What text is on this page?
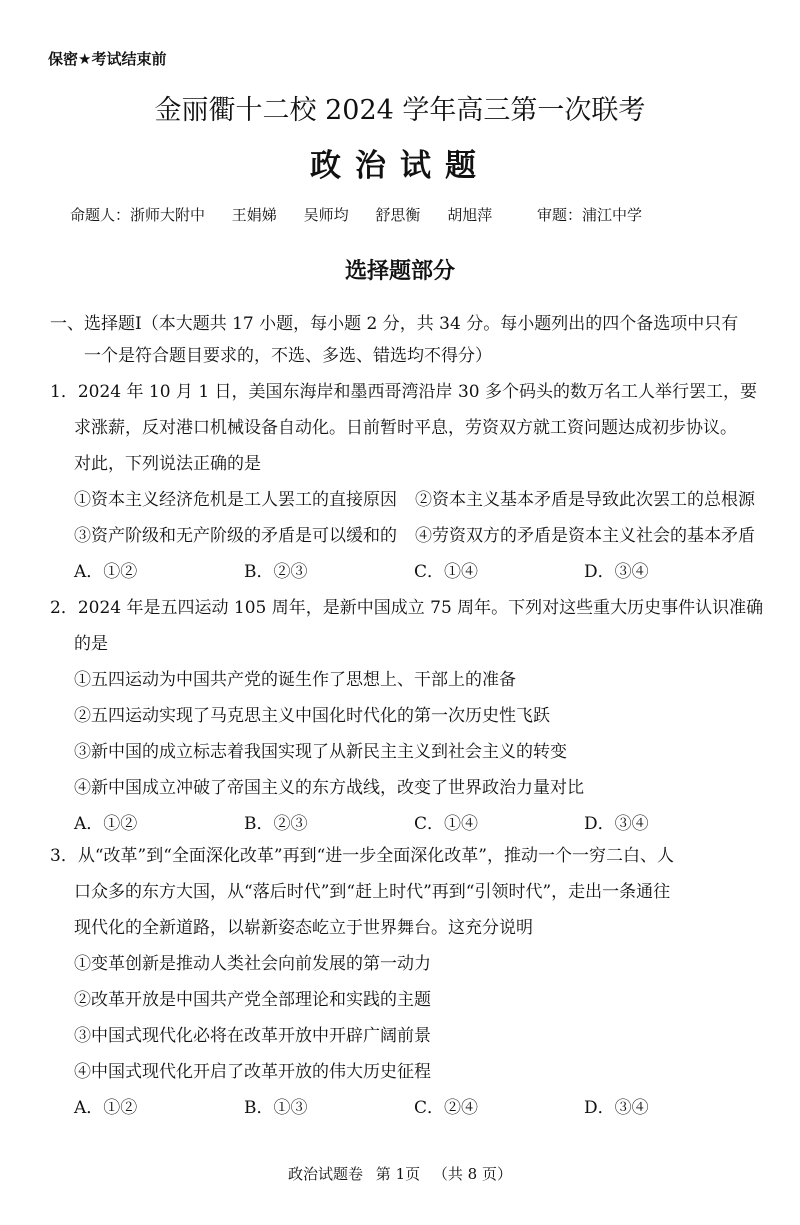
保密★考试结束前
金丽衢十二校 2024 学年高三第一次联考
政治试题
命题人：浙师大附中 王娟娣 吴师均 舒思衡 胡旭萍	审题：浦江中学
选择题部分
一、选择题Ⅰ（本大题共 17 小题，每小题 2 分，共 34 分。每小题列出的四个备选项中只有
一个是符合题目要求的，不选、多选、错选均不得分）
1．2024 年 10 月 1 日，美国东海岸和墨西哥湾沿岸 30 多个码头的数万名工人举行罢工，要
求涨薪，反对港口机械设备自动化。日前暂时平息，劳资双方就工资问题达成初步协议。
对此，下列说法正确的是
①资本主义经济危机是工人罢工的直接原因 ②资本主义基本矛盾是导致此次罢工的总根源
③资产阶级和无产阶级的矛盾是可以缓和的 ④劳资双方的矛盾是资本主义社会的基本矛盾
A．①②	B．②③	C．①④	D．③④
2．2024 年是五四运动 105 周年，是新中国成立 75 周年。下列对这些重大历史事件认识准确
的是
①五四运动为中国共产党的诞生作了思想上、干部上的准备
②五四运动实现了马克思主义中国化时代化的第一次历史性飞跃
③新中国的成立标志着我国实现了从新民主主义到社会主义的转变
④新中国成立冲破了帝国主义的东方战线，改变了世界政治力量对比
A．①②	B．②③	C．①④	D．③④
3．从“改革”到“全面深化改革”再到“进一步全面深化改革”，推动一个一穷二白、人
口众多的东方大国，从“落后时代”到“赶上时代”再到“引领时代”，走出一条通往
现代化的全新道路，以崭新姿态屹立于世界舞台。这充分说明
①变革创新是推动人类社会向前发展的第一动力
②改革开放是中国共产党全部理论和实践的主题
③中国式现代化必将在改革开放中开辟广阔前景
④中国式现代化开启了改革开放的伟大历史征程
A．①②	B．①③	C．②④	D．③④
政治试题卷 第 1页 （共 8 页）
